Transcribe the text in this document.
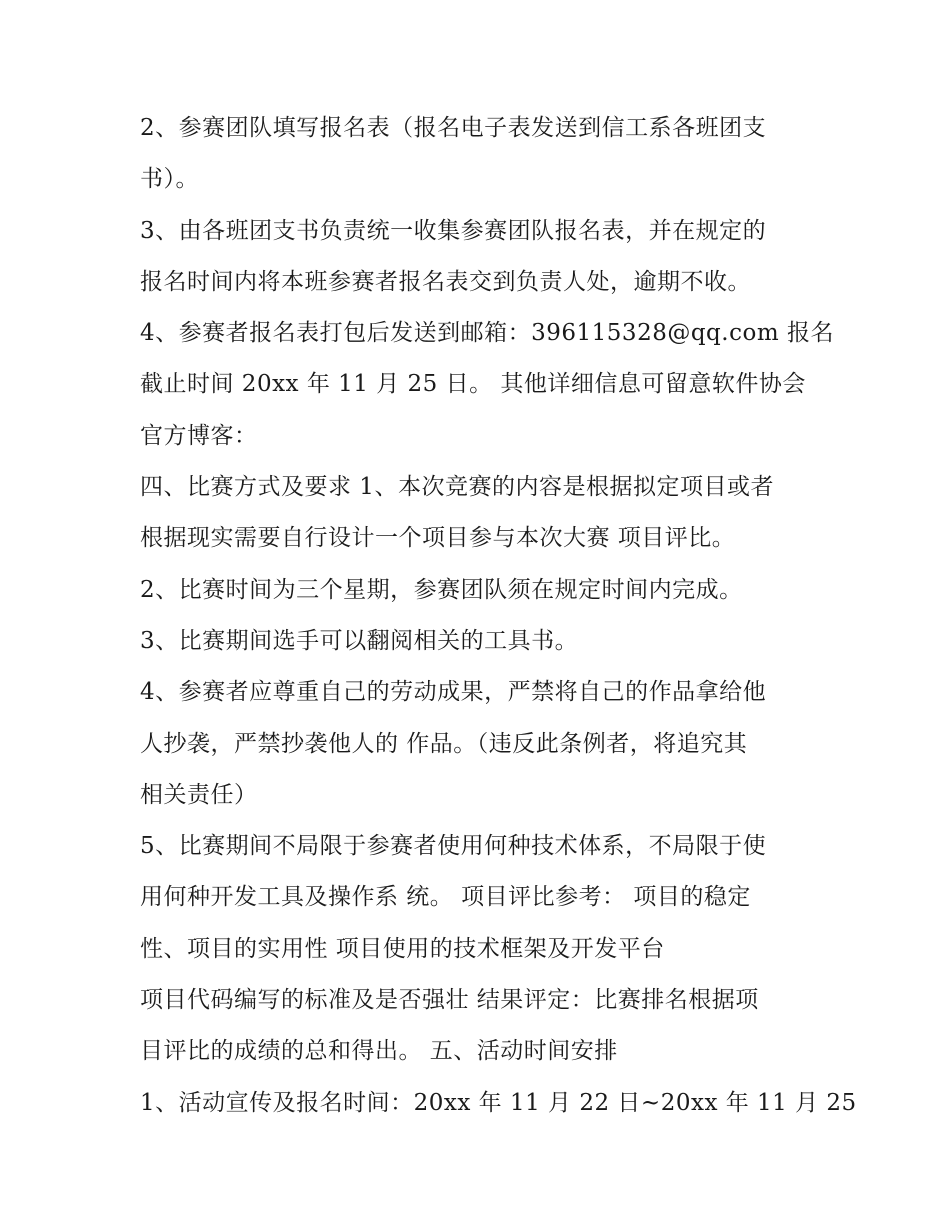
2、参赛团队填写报名表（报名电子表发送到信工系各班团支
书）。
3、由各班团支书负责统一收集参赛团队报名表，并在规定的
报名时间内将本班参赛者报名表交到负责人处，逾期不收。
4、参赛者报名表打包后发送到邮箱：396115328@qq.com 报名
截止时间 20xx 年 11 月 25 日。 其他详细信息可留意软件协会
官方博客：
四、比赛方式及要求 1、本次竞赛的内容是根据拟定项目或者
根据现实需要自行设计一个项目参与本次大赛 项目评比。
2、比赛时间为三个星期，参赛团队须在规定时间内完成。
3、比赛期间选手可以翻阅相关的工具书。
4、参赛者应尊重自己的劳动成果，严禁将自己的作品拿给他
人抄袭，严禁抄袭他人的 作品。（违反此条例者，将追究其
相关责任）
5、比赛期间不局限于参赛者使用何种技术体系，不局限于使
用何种开发工具及操作系 统。 项目评比参考： 项目的稳定
性、项目的实用性 项目使用的技术框架及开发平台
项目代码编写的标准及是否强壮 结果评定：比赛排名根据项
目评比的成绩的总和得出。 五、活动时间安排
1、活动宣传及报名时间：20xx 年 11 月 22 日~20xx 年 11 月 25
